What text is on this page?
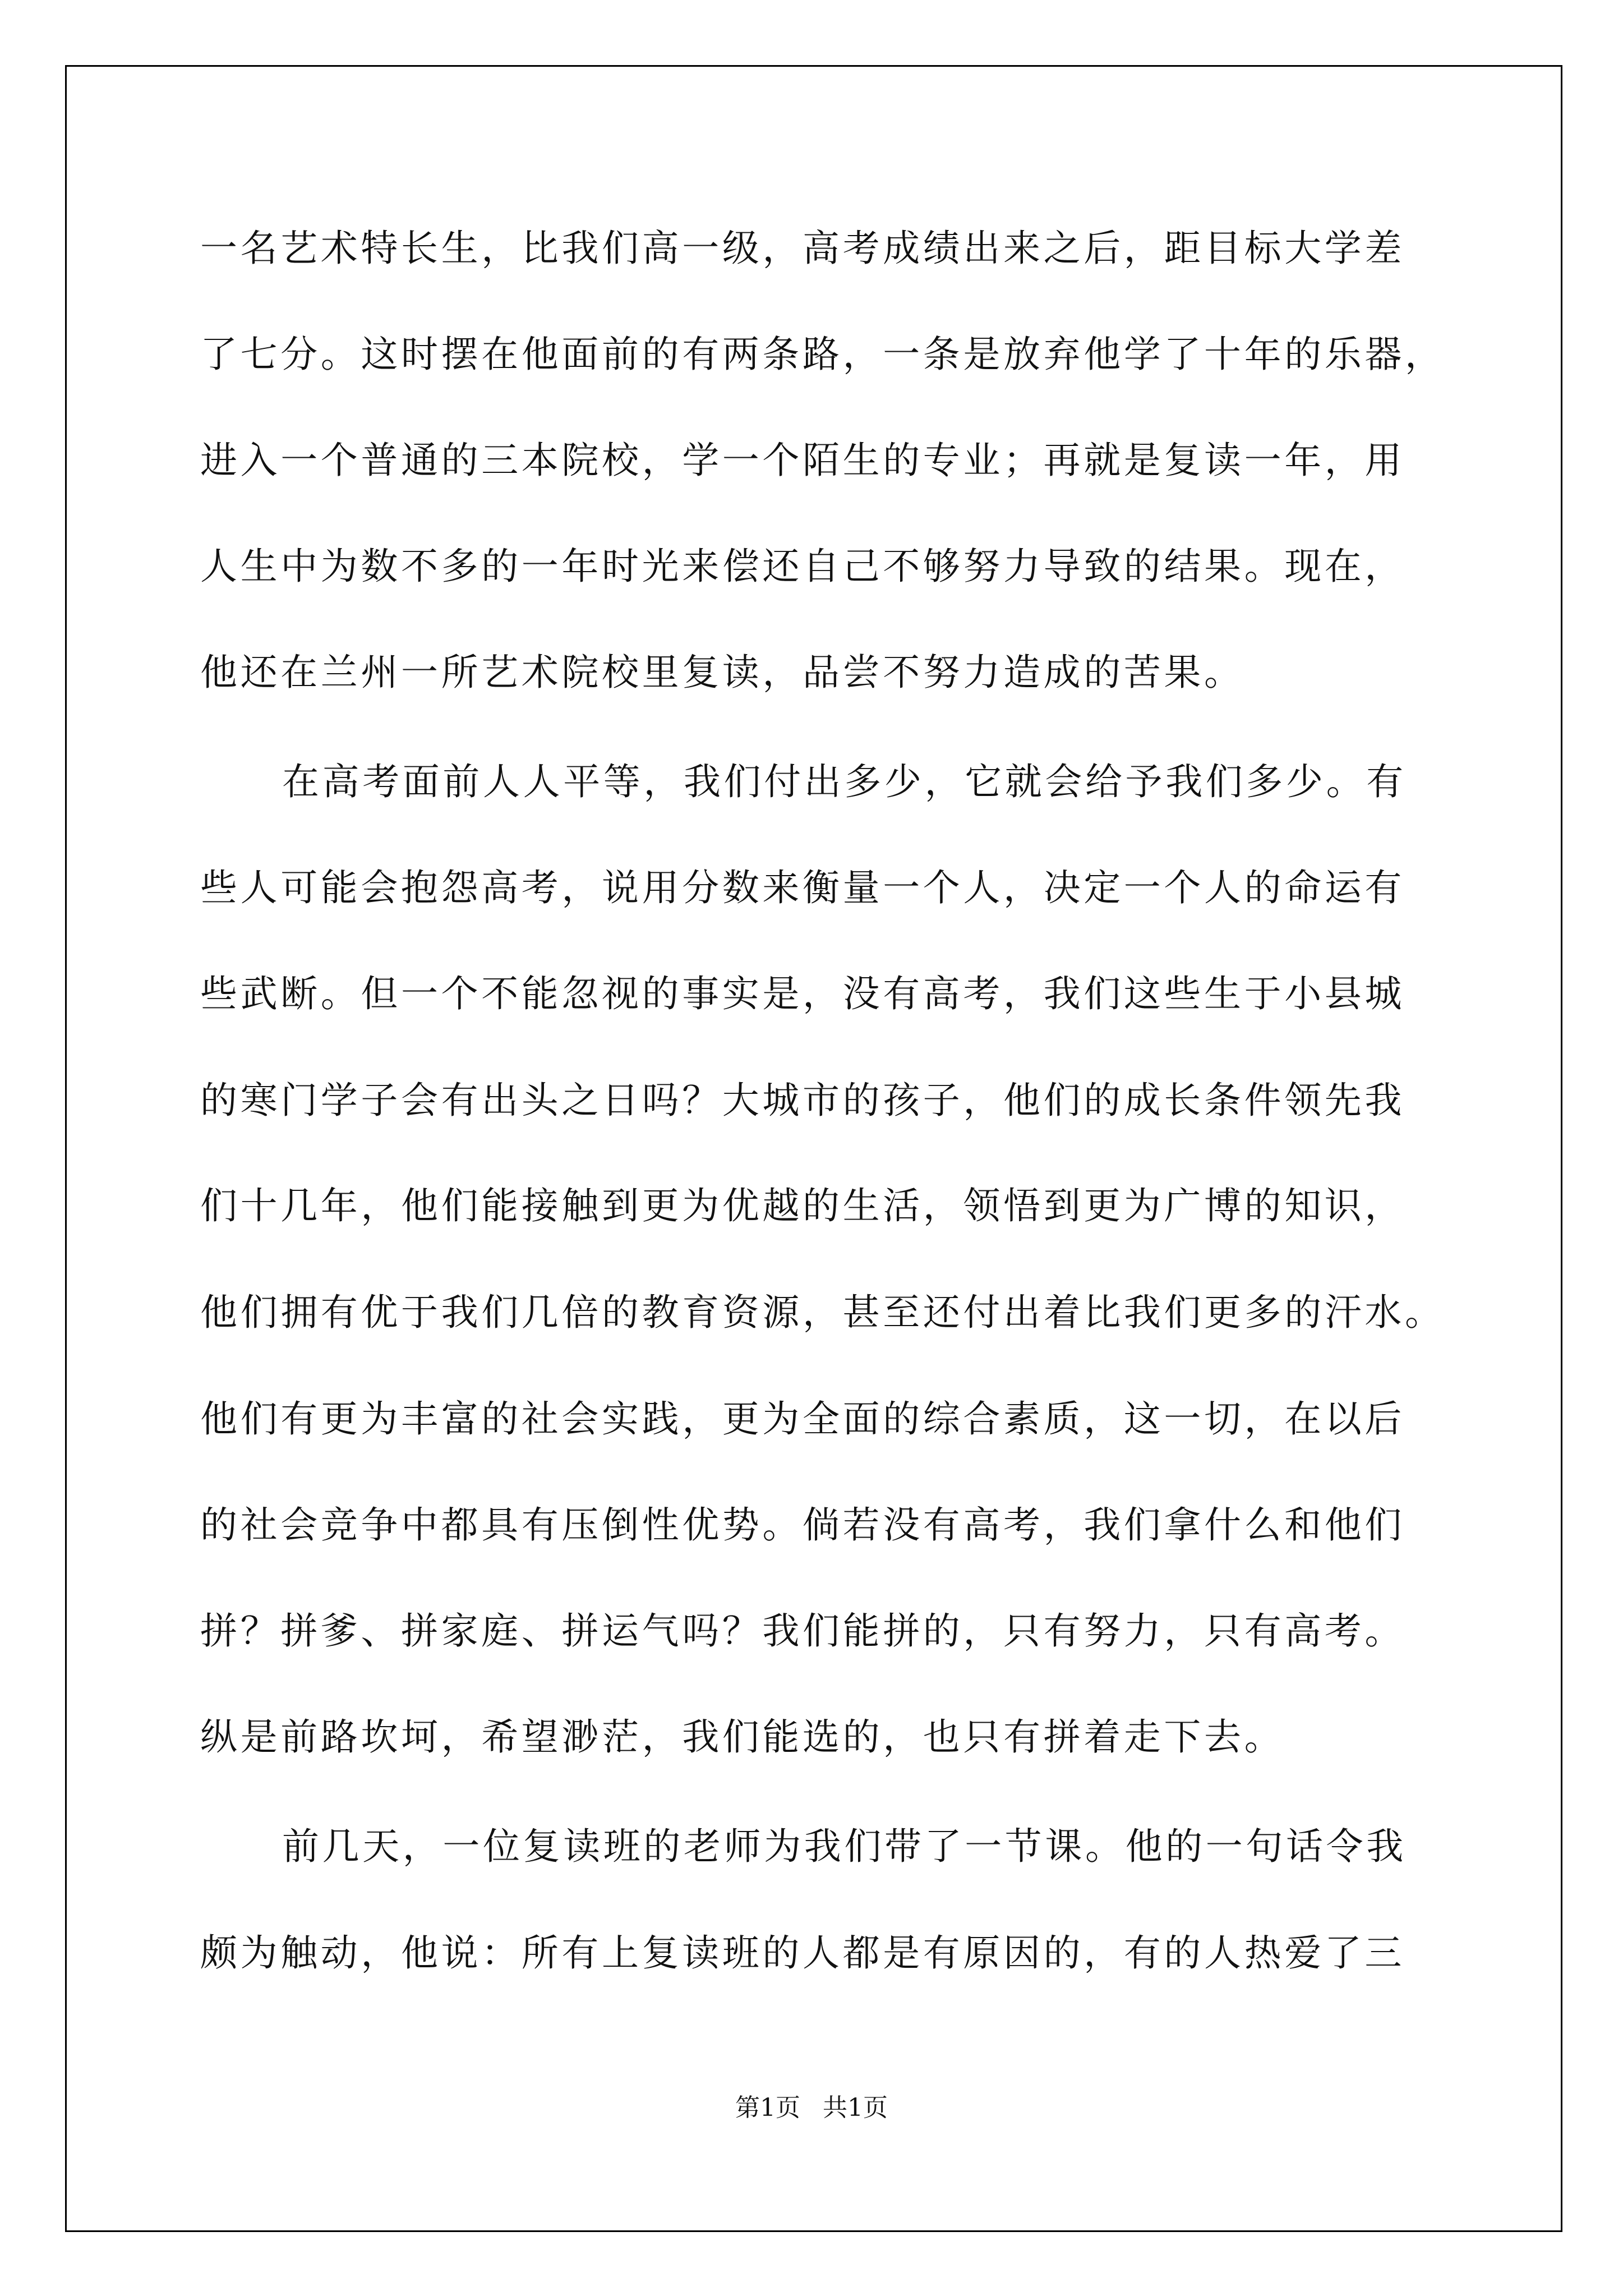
一名艺术特长生，比我们高一级，高考成绩出来之后，距目标大学差
了七分。这时摆在他面前的有两条路，一条是放弃他学了十年的乐器，
进入一个普通的三本院校，学一个陌生的专业；再就是复读一年，用
人生中为数不多的一年时光来偿还自己不够努力导致的结果。现在，
他还在兰州一所艺术院校里复读，品尝不努力造成的苦果。
在高考面前人人平等，我们付出多少，它就会给予我们多少。有
些人可能会抱怨高考，说用分数来衡量一个人，决定一个人的命运有
些武断。但一个不能忽视的事实是，没有高考，我们这些生于小县城
的寒门学子会有出头之日吗？大城市的孩子，他们的成长条件领先我
们十几年，他们能接触到更为优越的生活，领悟到更为广博的知识，
他们拥有优于我们几倍的教育资源，甚至还付出着比我们更多的汗水。
他们有更为丰富的社会实践，更为全面的综合素质，这一切，在以后
的社会竞争中都具有压倒性优势。倘若没有高考，我们拿什么和他们
拼？拼爹、拼家庭、拼运气吗？我们能拼的，只有努力，只有高考。
纵是前路坎坷，希望渺茫，我们能选的，也只有拼着走下去。
前几天，一位复读班的老师为我们带了一节课。他的一句话令我
颇为触动，他说：所有上复读班的人都是有原因的，有的人热爱了三
第1页 共1页
